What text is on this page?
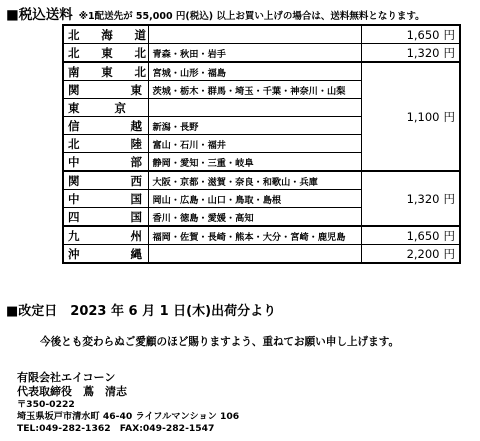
■税込送料 ※1配送先が 55,000 円(税込) 以上お買い上げの場合は、送料無料となります。
北 海 道		1,650 円

北 東 北	青森・秋田・岩手	1,320 円

南 東 北	宮城・山形・福島	1,100 円

関 東	茨城・栃木・群馬・埼玉・千葉・神奈川・山梨	

東 京		

信 越	新潟・長野	

北 陸	富山・石川・福井	

中 部	静岡・愛知・三重・岐阜	

関 西	大阪・京都・滋賀・奈良・和歌山・兵庫	1,320 円

中 国	岡山・広島・山口・鳥取・島根	

四 国	香川・徳島・愛媛・高知	

九 州	福岡・佐賀・長崎・熊本・大分・宮崎・鹿児島	1,650 円

沖 縄		2,200 円
■改定日　2023 年 6 月 1 日(木)出荷分より
今後とも変わらぬご愛顧のほど賜りますよう、重ねてお願い申し上げます。
有限会社エイコーン
代表取締役　蔦　清志
〒350-0222
埼玉県坂戸市清水町 46-40 ライフルマンション 106
TEL:049-282-1362　FAX:049-282-1547
